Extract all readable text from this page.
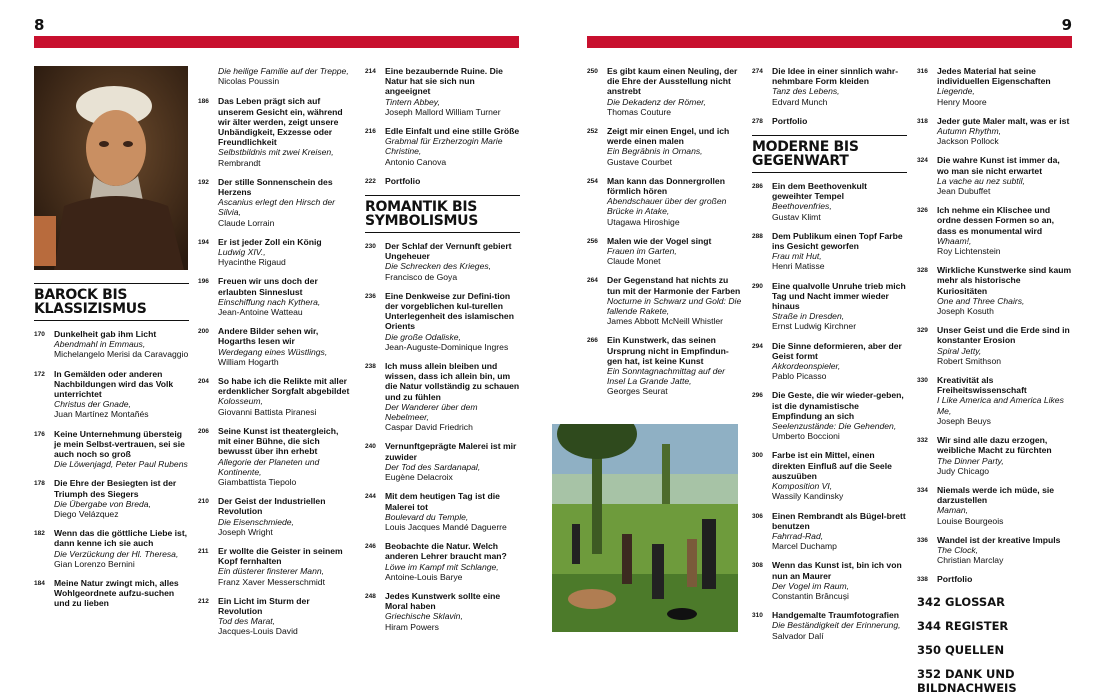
8	9
BAROCK BIS
KLASSIZISMUS
170 Dunkelheit gab ihm Licht
Abendmahl in Emmaus,
Michelangelo Merisi da Caravaggio
172 In Gemälden oder anderen Nachbildungen wird das Volk unterrichtet
Christus der Gnade,
Juan Martínez Montañés
176 Keine Unternehmung übersteig je mein Selbst-vertrauen, sei sie auch noch so groß
Die Löwenjagd, Peter Paul Rubens
178 Die Ehre der Besiegten ist der Triumph des Siegers
Die Übergabe von Breda,
Diego Velázquez
182 Wenn das die göttliche Liebe ist, dann kenne ich sie auch
Die Verzückung der Hl. Theresa,
Gian Lorenzo Bernini
184 Meine Natur zwingt mich, alles Wohlgeordnete aufzu-suchen und zu lieben
Die heilige Familie auf der Treppe,
Nicolas Poussin
186 Das Leben prägt sich auf unserem Gesicht ein, während wir älter werden, zeigt unsere Unbändigkeit, Exzesse oder Freundlichkeit
Selbstbildnis mit zwei Kreisen,
Rembrandt
192 Der stille Sonnenschein des Herzens
Ascanius erlegt den Hirsch der Silvia,
Claude Lorrain
194 Er ist jeder Zoll ein König
Ludwig XIV.,
Hyacinthe Rigaud
196 Freuen wir uns doch der erlaubten Sinneslust
Einschiffung nach Kythera,
Jean-Antoine Watteau
200 Andere Bilder sehen wir, Hogarths lesen wir
Werdegang eines Wüstlings,
William Hogarth
204 So habe ich die Relikte mit aller erdenklicher Sorgfalt abgebildet
Kolosseum,
Giovanni Battista Piranesi
206 Seine Kunst ist theatergleich, mit einer Bühne, die sich bewusst über ihn erhebt
Allegorie der Planeten und Kontinente,
Giambattista Tiepolo
210 Der Geist der Industriellen Revolution
Die Eisenschmiede,
Joseph Wright
211 Er wollte die Geister in seinem Kopf fernhalten
Ein düsterer finsterer Mann,
Franz Xaver Messerschmidt
212 Ein Licht im Sturm der Revolution
Tod des Marat,
Jacques-Louis David
214 Eine bezaubernde Ruine. Die Natur hat sie sich nun angeeignet
Tintern Abbey,
Joseph Mallord William Turner
216 Edle Einfalt und eine stille Größe
Grabmal für Erzherzogin Marie Christine,
Antonio Canova
222 Portfolio
ROMANTIK BIS
SYMBOLISMUS
230 Der Schlaf der Vernunft gebiert Ungeheuer
Die Schrecken des Krieges,
Francisco de Goya
236 Eine Denkweise zur Defini-tion der vorgeblichen kul-turellen Unterlegenheit des islamischen Orients
Die große Odaliske,
Jean-Auguste-Dominique Ingres
238 Ich muss allein bleiben und wissen, dass ich allein bin, um die Natur vollständig zu schauen und zu fühlen
Der Wanderer über dem Nebelmeer,
Caspar David Friedrich
240 Vernunftgeprägte Malerei ist mir zuwider
Der Tod des Sardanapal,
Eugène Delacroix
244 Mit dem heutigen Tag ist die Malerei tot
Boulevard du Temple,
Louis Jacques Mandé Daguerre
246 Beobachte die Natur. Welch anderen Lehrer braucht man?
Löwe im Kampf mit Schlange,
Antoine-Louis Barye
248 Jedes Kunstwerk sollte eine Moral haben
Griechische Sklavin,
Hiram Powers
250 Es gibt kaum einen Neuling, der die Ehre der Ausstellung nicht anstrebt
Die Dekadenz der Römer,
Thomas Couture
252 Zeigt mir einen Engel, und ich werde einen malen
Ein Begräbnis in Ornans,
Gustave Courbet
254 Man kann das Donnergrollen förmlich hören
Abendschauer über der großen Brücke in Atake,
Utagawa Hiroshige
256 Malen wie der Vogel singt
Frauen im Garten,
Claude Monet
264 Der Gegenstand hat nichts zu tun mit der Harmonie der Farben
Nocturne in Schwarz und Gold: Die fallende Rakete,
James Abbott McNeill Whistler
266 Ein Kunstwerk, das seinen Ursprung nicht in Empfindun-gen hat, ist keine Kunst
Ein Sonntagnachmittag auf der Insel La Grande Jatte,
Georges Seurat
274 Die Idee in einer sinnlich wahr-nehmbare Form kleiden
Tanz des Lebens,
Edvard Munch
278 Portfolio
MODERNE BIS
GEGENWART
286 Ein dem Beethovenkult geweihter Tempel
Beethovenfries,
Gustav Klimt
288 Dem Publikum einen Topf Farbe ins Gesicht geworfen
Frau mit Hut,
Henri Matisse
290 Eine qualvolle Unruhe trieb mich Tag und Nacht immer wieder hinaus
Straße in Dresden,
Ernst Ludwig Kirchner
294 Die Sinne deformieren, aber der Geist formt
Akkordeonspieler,
Pablo Picasso
296 Die Geste, die wir wieder-geben, ist die dynamistische Empfindung an sich
Seelenzustände: Die Gehenden,
Umberto Boccioni
300 Farbe ist ein Mittel, einen direkten Einfluß auf die Seele auszuüben
Komposition VI,
Wassily Kandinsky
306 Einen Rembrandt als Bügel-brett benutzen
Fahrrad-Rad,
Marcel Duchamp
308 Wenn das Kunst ist, bin ich von nun an Maurer
Der Vogel im Raum,
Constantin Brâncuși
310 Handgemalte Traumfotografien
Die Beständigkeit der Erinnerung,
Salvador Dalí
316 Jedes Material hat seine individuellen Eigenschaften
Liegende,
Henry Moore
318 Jeder gute Maler malt, was er ist
Autumn Rhythm,
Jackson Pollock
324 Die wahre Kunst ist immer da, wo man sie nicht erwartet
La vache au nez subtil,
Jean Dubuffet
326 Ich nehme ein Klischee und ordne dessen Formen so an, dass es monumental wird
Whaam!,
Roy Lichtenstein
328 Wirkliche Kunstwerke sind kaum mehr als historische Kuriositäten
One and Three Chairs,
Joseph Kosuth
329 Unser Geist und die Erde sind in konstanter Erosion
Spiral Jetty,
Robert Smithson
330 Kreativität als Freiheitswissenschaft
I Like America and America Likes Me,
Joseph Beuys
332 Wir sind alle dazu erzogen, weibliche Macht zu fürchten
The Dinner Party,
Judy Chicago
334 Niemals werde ich müde, sie darzustellen
Maman,
Louise Bourgeois
336 Wandel ist der kreative Impuls
The Clock,
Christian Marclay
338 Portfolio
342 GLOSSAR
344 REGISTER
350 QUELLEN
352 DANK UND BILDNACHWEIS
